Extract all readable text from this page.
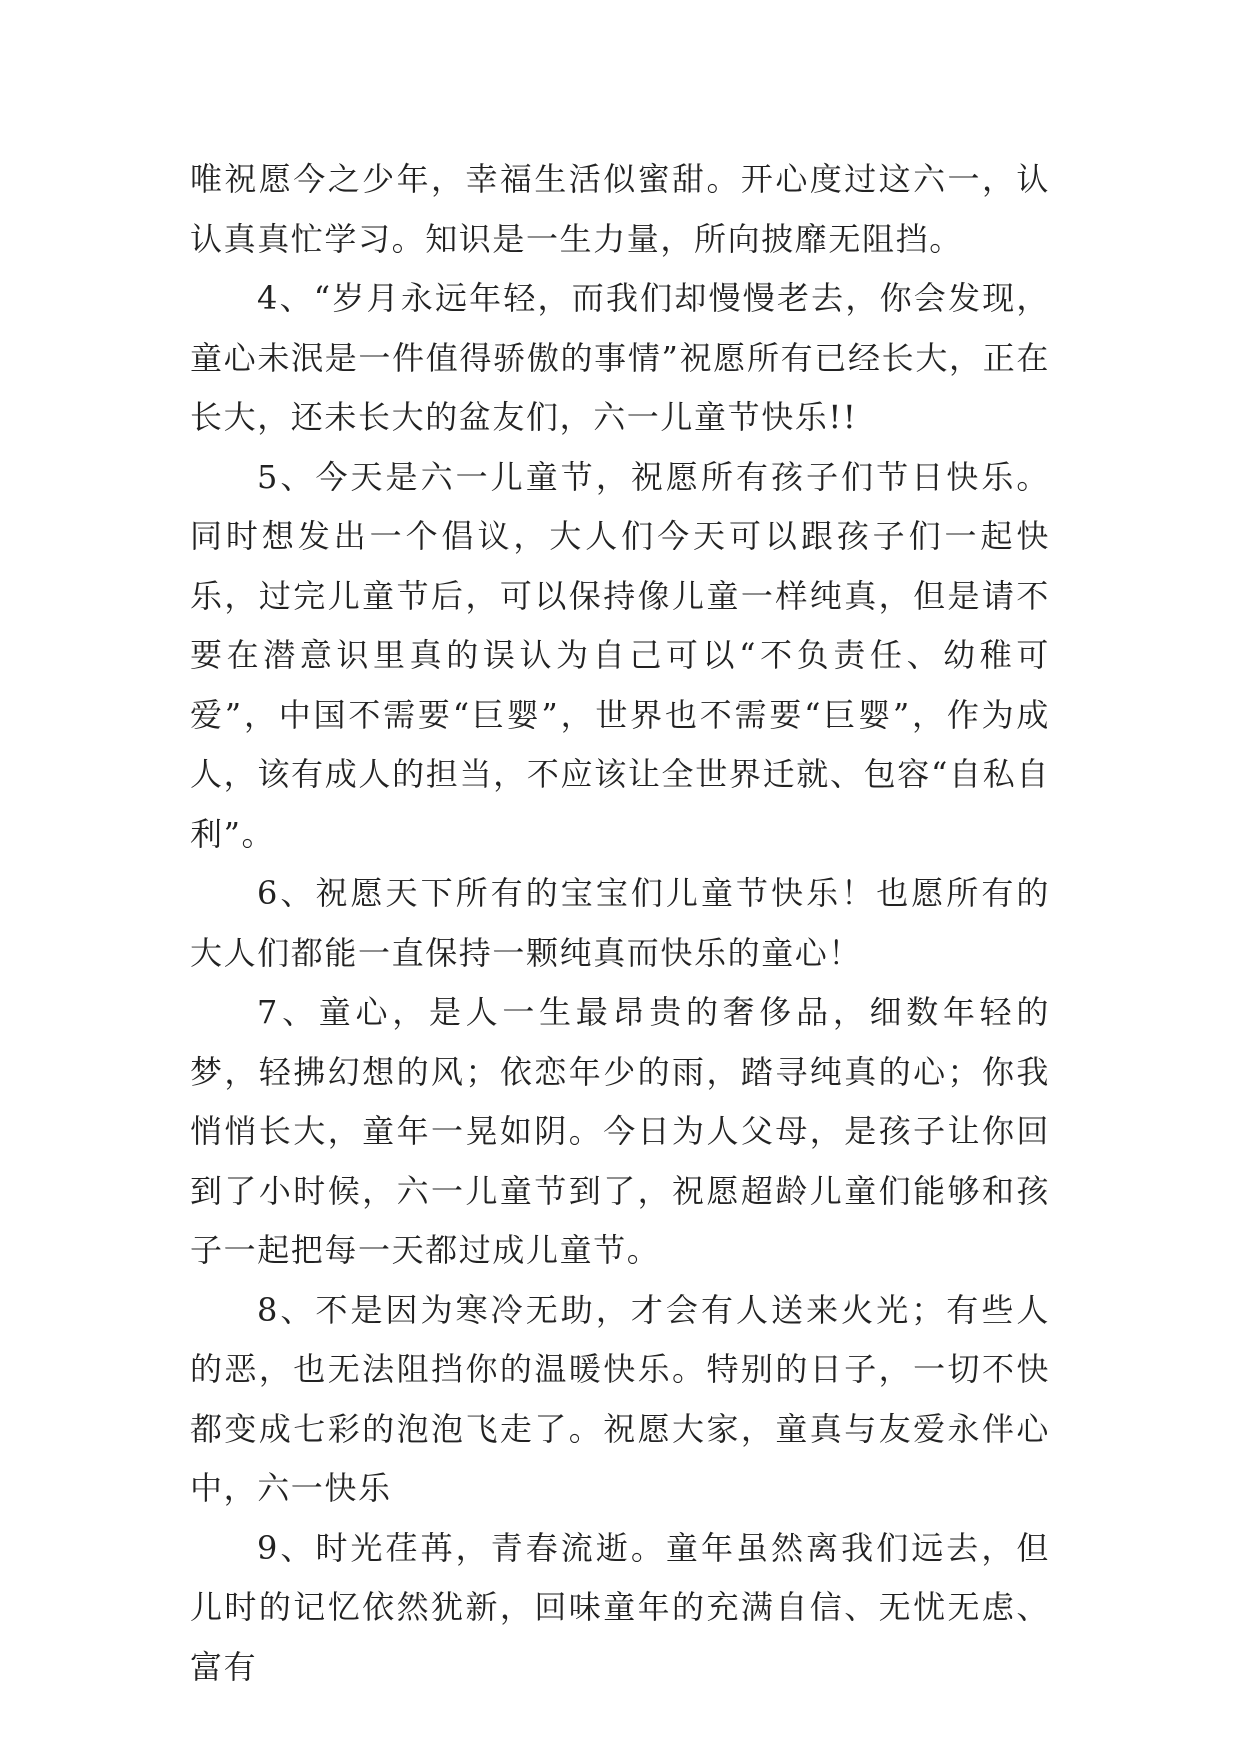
唯祝愿今之少年，幸福生活似蜜甜。开心度过这六一，认认真真忙学习。知识是一生力量，所向披靡无阻挡。

4、“岁月永远年轻，而我们却慢慢老去，你会发现，童心未泯是一件值得骄傲的事情”祝愿所有已经长大，正在长大，还未长大的盆友们，六一儿童节快乐!!

5、今天是六一儿童节，祝愿所有孩子们节日快乐。同时想发出一个倡议，大人们今天可以跟孩子们一起快乐，过完儿童节后，可以保持像儿童一样纯真，但是请不要在潜意识里真的误认为自己可以“不负责任、幼稚可爱”，中国不需要“巨婴”，世界也不需要“巨婴”，作为成人，该有成人的担当，不应该让全世界迁就、包容“自私自利”。

6、祝愿天下所有的宝宝们儿童节快乐！也愿所有的大人们都能一直保持一颗纯真而快乐的童心！

7、童心，是人一生最昂贵的奢侈品，细数年轻的梦，轻拂幻想的风；依恋年少的雨，踏寻纯真的心；你我悄悄长大，童年一晃如阴。今日为人父母，是孩子让你回到了小时候，六一儿童节到了，祝愿超龄儿童们能够和孩子一起把每一天都过成儿童节。

8、不是因为寒冷无助，才会有人送来火光；有些人的恶，也无法阻挡你的温暖快乐。特别的日子，一切不快都变成七彩的泡泡飞走了。祝愿大家，童真与友爱永伴心中，六一快乐

9、时光荏苒，青春流逝。童年虽然离我们远去，但儿时的记忆依然犹新，回味童年的充满自信、无忧无虑、富有
